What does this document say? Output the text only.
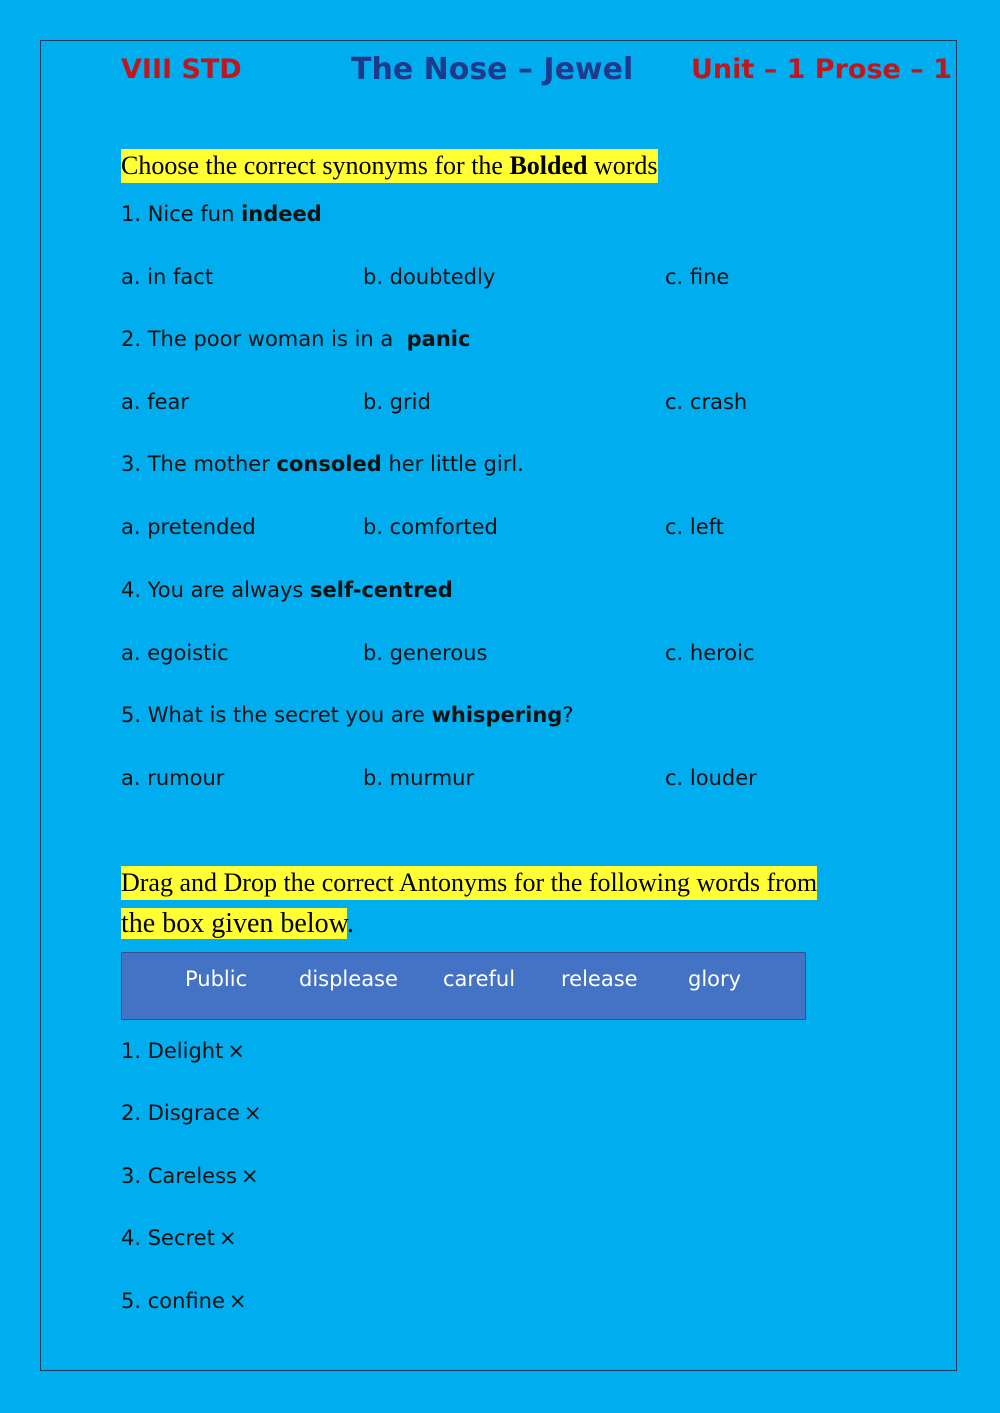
VIII STD	The Nose – Jewel Unit – 1 Prose – 1
Choose the correct synonyms for the Bolded words
1. Nice fun indeed
a. in fact	b. doubtedly	c. fine
2. The poor woman is in a  panic
a. fear	b. grid	c. crash
3. The mother consoled her little girl.
a. pretended	b. comforted	c. left
4. You are always self-centred
a. egoistic	b. generous	c. heroic
5. What is the secret you are whispering?
a. rumour	b. murmur	c. louder
Drag and Drop the correct Antonyms for the following words from
the box given below.
Public displease careful release glory
1. Delight ×
2. Disgrace ×
3. Careless ×
4. Secret ×
5. confine ×
